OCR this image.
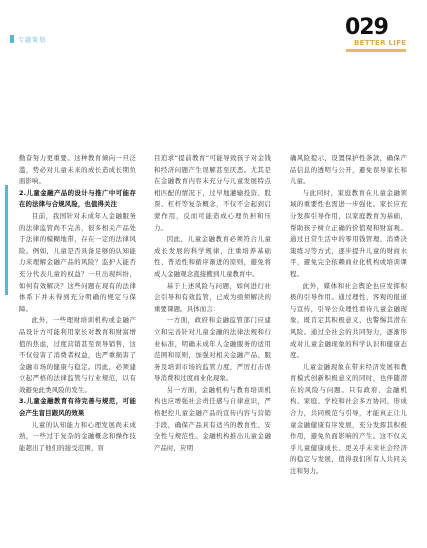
专题策划	029
BETTER LIFE

勤奋努力更重要。这种教育倾向一旦泛滥，势必对儿童未来的成长造成长期负面影响。

2.儿童金融产品的设计与推广中可能存在的法律与合规风险，也值得关注

目前，我国针对未成年人金融服务的法律监管尚不完善，很多相关产品处于法律的模糊地带，存在一定的法律风险。例如，儿童是否具备足够的认知能力来理解金融产品的风险？监护人能否充分代表儿童的权益？一旦出现纠纷，如何有效解决？这些问题在现有的法律体系下并未得到充分明确的规定与保障。

此外，一些理财培训机构或金融产品设计方可能利用家长对教育和财富增值的焦虑，过度营销甚至误导销售，这不仅侵害了消费者权益，也严重损害了金融市场的健康与稳定。因此，必须建立起严格的法律监管与行业规范，以有效避免此类风险的发生。

3.儿童金融教育有待完善与规范，可能会产生盲目跟风的效果

儿童的认知能力和心理发展尚未成熟，一些过于复杂的金融概念和操作技能超出了他们的接受范围，盲

目追求“提前教育”可能导致孩子对金钱和经济问题产生误解甚至厌恶。尤其是在金融教育内容未充分与儿童发展特点相匹配的情况下，过早地灌输投资、股票、杠杆等复杂概念，不仅不会起到启蒙作用，反而可能造成心理负担和压力。

因此，儿童金融教育必须符合儿童成长发展的科学规律，注重培养基础性、普适性和循序渐进的原则，避免将成人金融观念直接搬到儿童教育中。

基于上述风险与问题，如何进行社会引导和有效监管，已成为亟须解决的重要课题。具体而言：

一方面，政府和金融监管部门应建立和完善针对儿童金融的法律法规和行业标准，明确未成年人金融服务的适用范围和原则，加强对相关金融产品、服务及培训市场的监管力度，严厉打击误导消费和过度商业化现象。

另一方面，金融机构与教育培训机构也应增强社会责任感与自律意识，严格把控儿童金融产品的宣传内容与营销手段，确保产品具有适当的教育性、安全性与规范性。金融机构推出儿童金融产品时，应明

确风险提示，设置保护性条款，确保产品信息的透明与公开，避免误导家长和儿童。

与此同时，家庭教育在儿童金融领域的重要性也需进一步强化。家长应充分发挥引导作用，以家庭教育为基础，帮助孩子树立正确的价值观和财富观。通过日常生活中的零用钱管理、消费决策练习等方式，逐步提升儿童的财商水平，避免完全依赖商业化机构或培训课程。

此外，媒体和社会舆论也应发挥积极的引导作用。通过理性、客观的报道与宣传，引导公众理性看待儿童金融现象，既肯定其积极意义、也警惕其潜在风险。通过全社会的共同努力，逐渐形成对儿童金融现象的科学认识和健康态度。

儿童金融现象在带来经济发展和教育模式创新积极意义的同时，也伴随潜在的风险与问题。只有政府、金融机构、家庭、学校和社会多方协同、形成合力，共同规范与引导，才能真正让儿童金融健康有序发展，充分发挥其积极作用，避免负面影响的产生。这不仅关乎儿童健康成长、更关乎未来社会经济的稳定与发展，值得我们所有人共同关注和努力。
